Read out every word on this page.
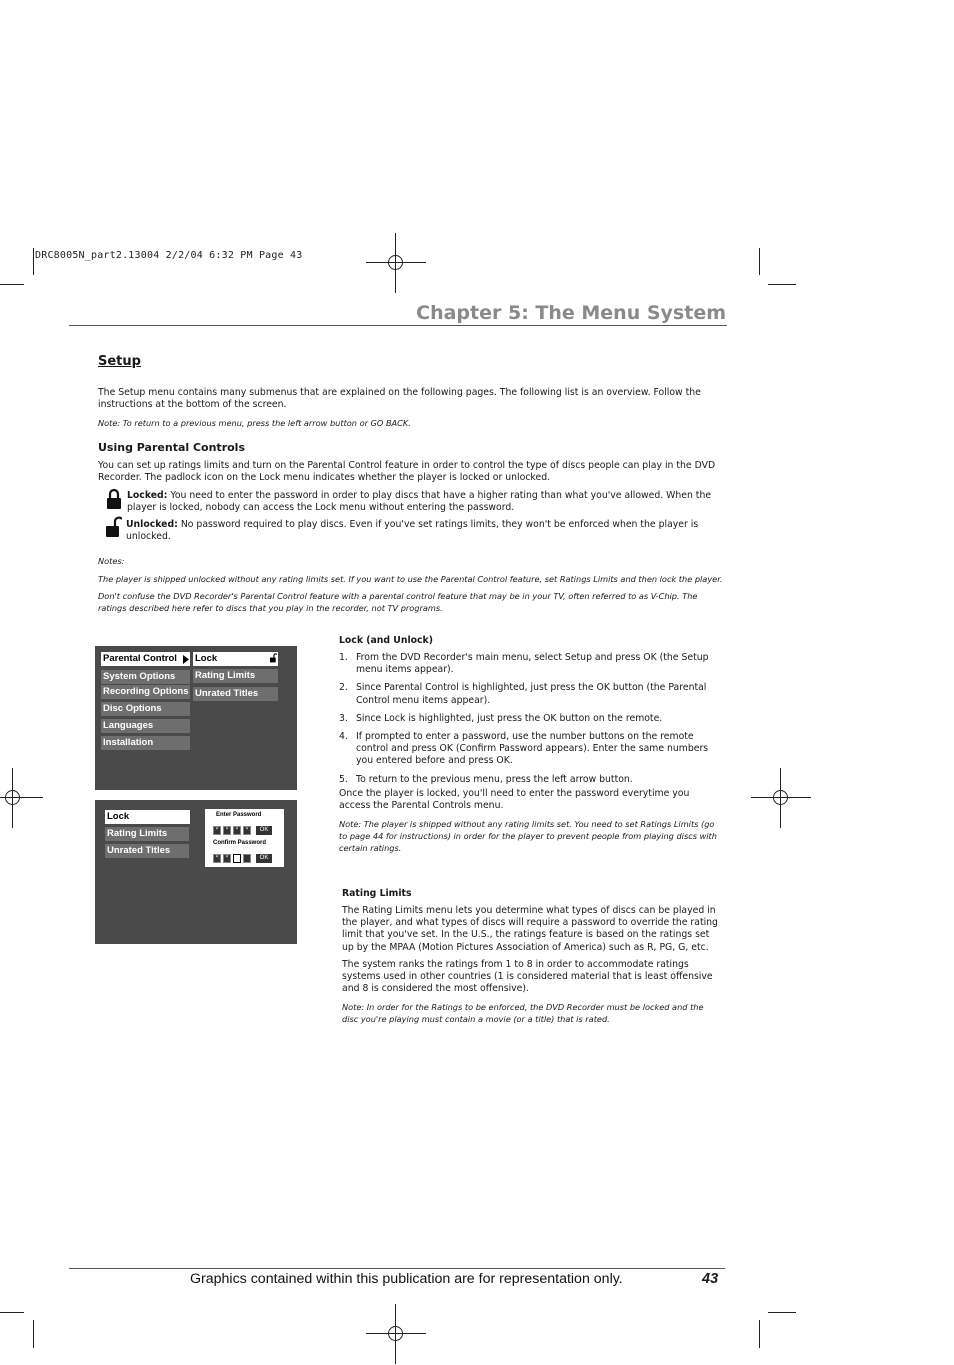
DRC8005N_part2.13004 2/2/04 6:32 PM Page 43
Chapter 5: The Menu System
Setup
The Setup menu contains many submenus that are explained on the following pages. The following list is an overview. Follow the instructions at the bottom of the screen.
Note: To return to a previous menu, press the left arrow button or GO BACK.
Using Parental Controls
You can set up ratings limits and turn on the Parental Control feature in order to control the type of discs people can play in the DVD Recorder. The padlock icon on the Lock menu indicates whether the player is locked or unlocked.
Locked: You need to enter the password in order to play discs that have a higher rating than what you've allowed. When the player is locked, nobody can access the Lock menu without entering the password.
Unlocked: No password required to play discs. Even if you've set ratings limits, they won't be enforced when the player is unlocked.
Notes:
The player is shipped unlocked without any rating limits set. If you want to use the Parental Control feature, set Ratings Limits and then lock the player.
Don't confuse the DVD Recorder's Parental Control feature with a parental control feature that may be in your TV, often referred to as V-Chip. The ratings described here refer to discs that you play in the recorder, not TV programs.
Parental Control
System Options
Recording Options
Disc Options
Languages
Installation
Lock
Rating Limits
Unrated Titles
Lock
Rating Limits
Unrated Titles
Enter Password
*	*	*	*	OK
Confirm Password
*	*	OK
Lock (and Unlock)
1. From the DVD Recorder's main menu, select Setup and press OK (the Setup menu items appear).
2. Since Parental Control is highlighted, just press the OK button (the Parental Control menu items appear).
3. Since Lock is highlighted, just press the OK button on the remote.
4. If prompted to enter a password, use the number buttons on the remote control and press OK (Confirm Password appears). Enter the same numbers you entered before and press OK.
5. To return to the previous menu, press the left arrow button.
Once the player is locked, you'll need to enter the password everytime you access the Parental Controls menu.
Note: The player is shipped without any rating limits set. You need to set Ratings Limits (go to page 44 for instructions) in order for the player to prevent people from playing discs with certain ratings.
Rating Limits
The Rating Limits menu lets you determine what types of discs can be played in the player, and what types of discs will require a password to override the rating limit that you've set. In the U.S., the ratings feature is based on the ratings set up by the MPAA (Motion Pictures Association of America) such as R, PG, G, etc.
The system ranks the ratings from 1 to 8 in order to accommodate ratings systems used in other countries (1 is considered material that is least offensive and 8 is considered the most offensive).
Note: In order for the Ratings to be enforced, the DVD Recorder must be locked and the disc you're playing must contain a movie (or a title) that is rated.
Graphics contained within this publication are for representation only.	43
